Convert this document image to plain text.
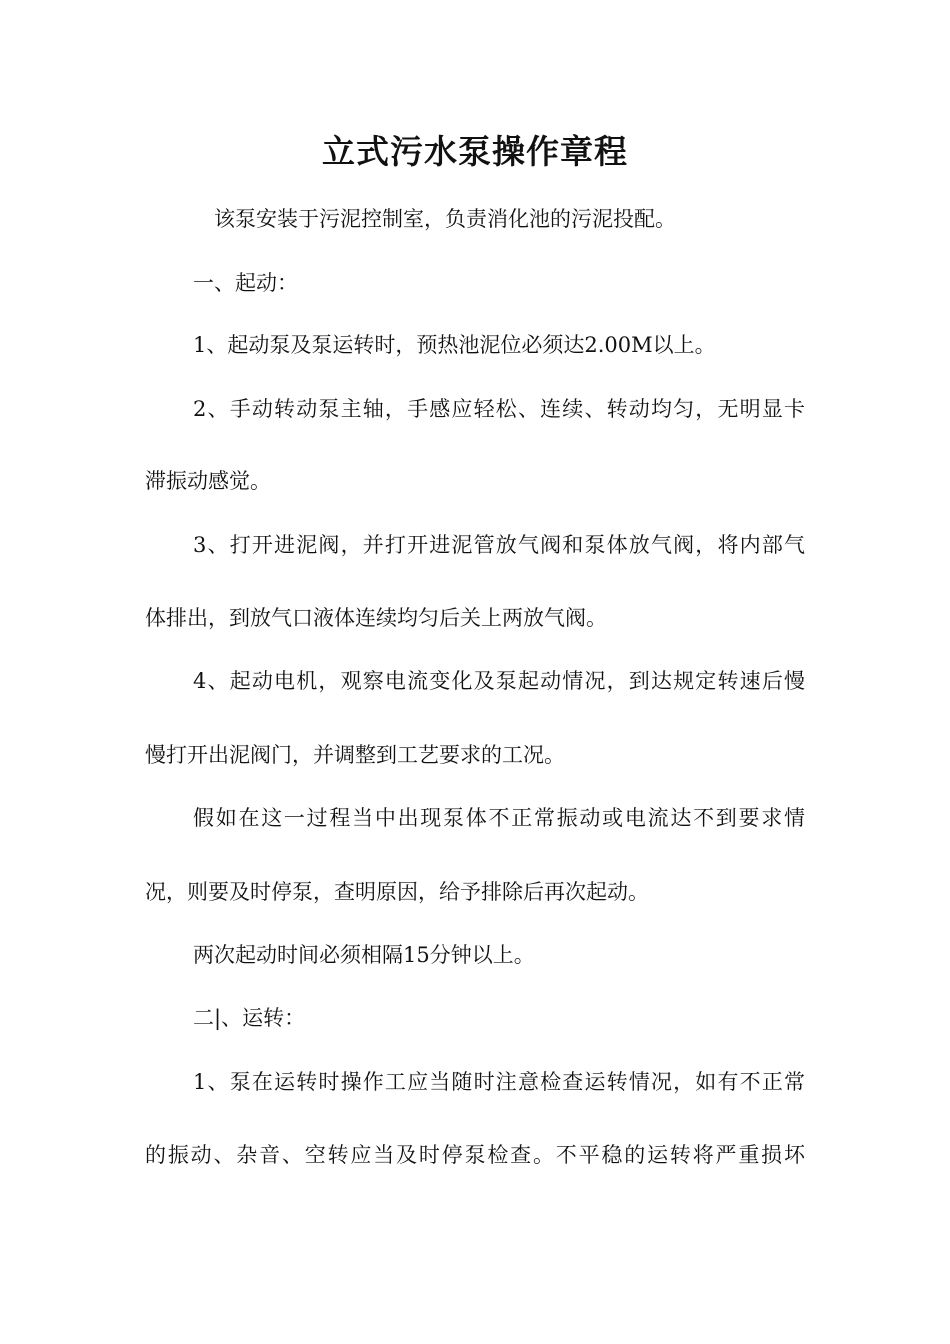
立式污水泵操作章程
该泵安装于污泥控制室，负责消化池的污泥投配。
一、起动：
1、起动泵及泵运转时，预热池泥位必须达2.00M以上。
2、手动转动泵主轴，手感应轻松、连续、转动均匀，无明显卡
滞振动感觉。
3、打开进泥阀，并打开进泥管放气阀和泵体放气阀，将内部气
体排出，到放气口液体连续均匀后关上两放气阀。
4、起动电机，观察电流变化及泵起动情况，到达规定转速后慢
慢打开出泥阀门，并调整到工艺要求的工况。
假如在这一过程当中出现泵体不正常振动或电流达不到要求情
况，则要及时停泵，查明原因，给予排除后再次起动。
两次起动时间必须相隔15分钟以上。
二|、运转：
1、泵在运转时操作工应当随时注意检查运转情况，如有不正常
的振动、杂音、空转应当及时停泵检查。不平稳的运转将严重损坏
